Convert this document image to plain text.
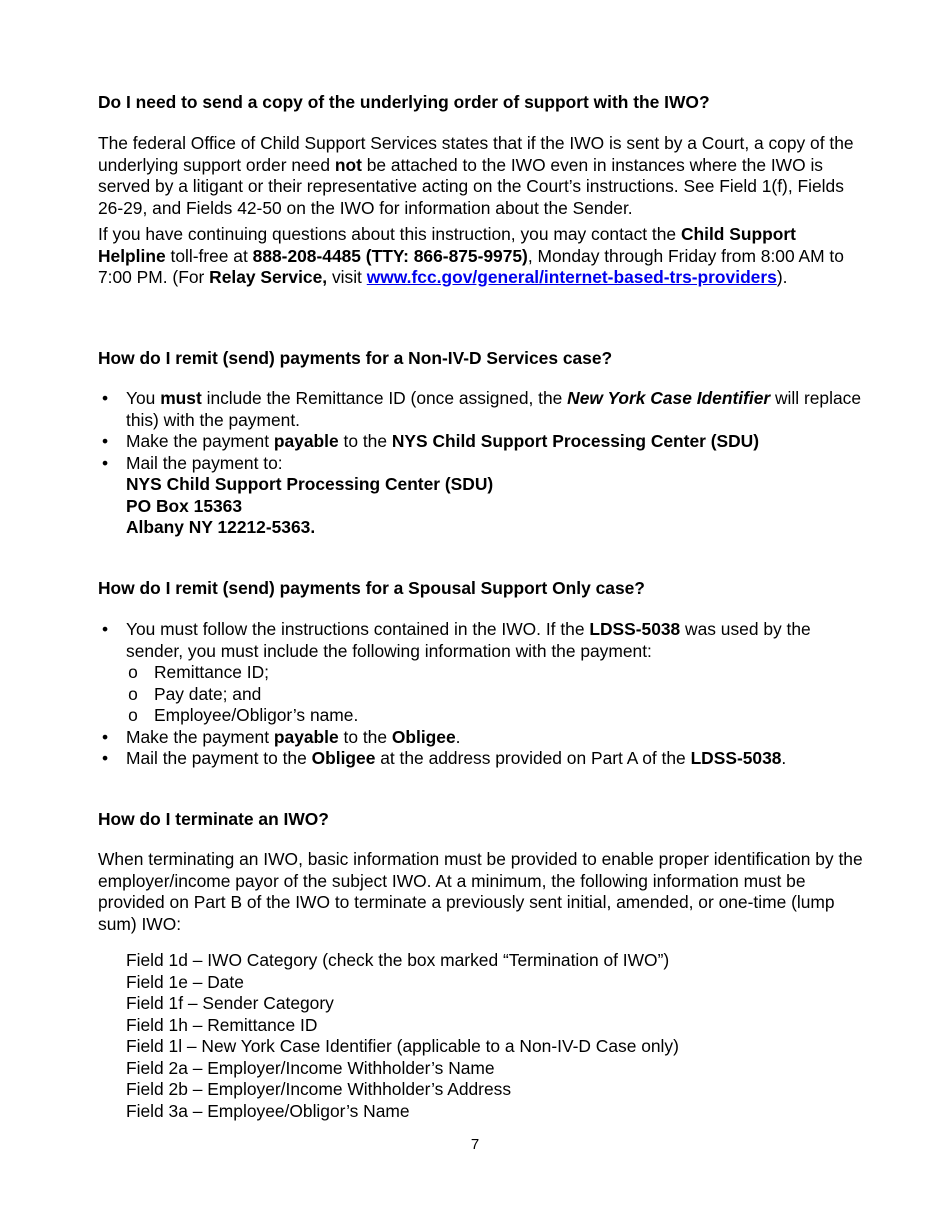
Do I need to send a copy of the underlying order of support with the IWO?

The federal Office of Child Support Services states that if the IWO is sent by a Court, a copy of the underlying support order need not be attached to the IWO even in instances where the IWO is served by a litigant or their representative acting on the Court’s instructions. See Field 1(f), Fields 26-29, and Fields 42-50 on the IWO for information about the Sender.

If you have continuing questions about this instruction, you may contact the Child Support Helpline toll-free at 888-208-4485 (TTY: 866-875-9975), Monday through Friday from 8:00 AM to 7:00 PM. (For Relay Service, visit www.fcc.gov/general/internet-based-trs-providers).

How do I remit (send) payments for a Non-IV-D Services case?
• You must include the Remittance ID (once assigned, the New York Case Identifier will replace this) with the payment.
• Make the payment payable to the NYS Child Support Processing Center (SDU)
• Mail the payment to:
NYS Child Support Processing Center (SDU)
PO Box 15363
Albany NY 12212-5363.
How do I remit (send) payments for a Spousal Support Only case?
• You must follow the instructions contained in the IWO. If the LDSS-5038 was used by the sender, you must include the following information with the payment:
o Remittance ID;
o Pay date; and
o Employee/Obligor’s name.
• Make the payment payable to the Obligee.
• Mail the payment to the Obligee at the address provided on Part A of the LDSS-5038.
How do I terminate an IWO?

When terminating an IWO, basic information must be provided to enable proper identification by the employer/income payor of the subject IWO. At a minimum, the following information must be provided on Part B of the IWO to terminate a previously sent initial, amended, or one-time (lump sum) IWO:

Field 1d – IWO Category (check the box marked “Termination of IWO”)
Field 1e – Date
Field 1f – Sender Category
Field 1h – Remittance ID
Field 1l – New York Case Identifier (applicable to a Non-IV-D Case only)
Field 2a – Employer/Income Withholder’s Name
Field 2b – Employer/Income Withholder’s Address
Field 3a – Employee/Obligor’s Name
7
